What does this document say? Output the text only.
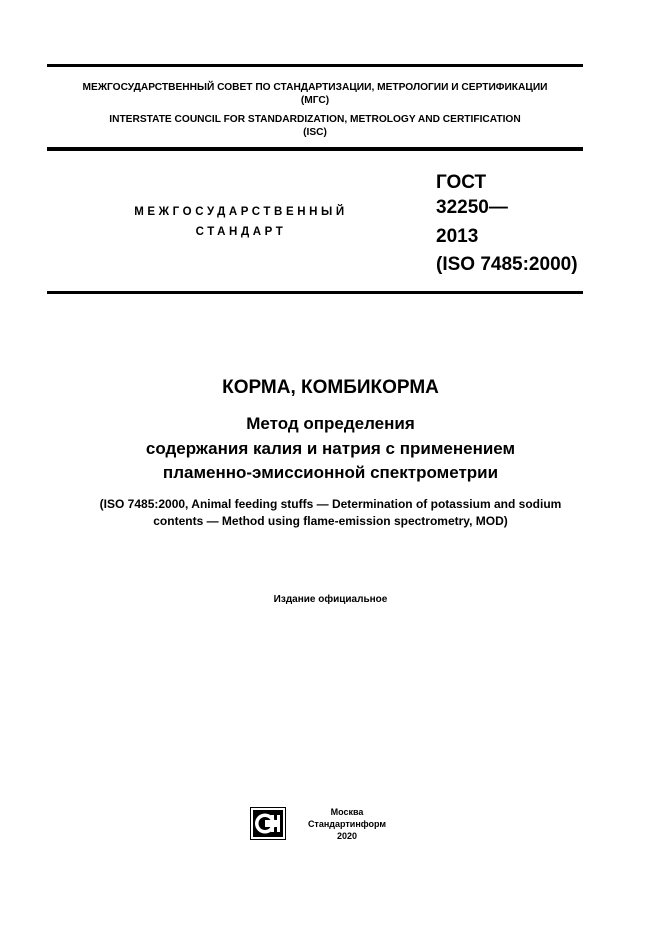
МЕЖГОСУДАРСТВЕННЫЙ СОВЕТ ПО СТАНДАРТИЗАЦИИ, МЕТРОЛОГИИ И СЕРТИФИКАЦИИ
(МГС)
INTERSTATE COUNCIL FOR STANDARDIZATION, METROLOGY AND CERTIFICATION
(ISC)
МЕЖГОСУДАРСТВЕННЫЙ
СТАНДАРТ
ГОСТ
32250—
2013
(ISO 7485:2000)
КОРМА, КОМБИКОРМА
Метод определения
содержания калия и натрия с применением
пламенно-эмиссионной спектрометрии
(ISO 7485:2000, Animal feeding stuffs — Determination of potassium and sodium
contents — Method using flame-emission spectrometry, MOD)
Издание официальное
Москва
Стандартинформ
2020
